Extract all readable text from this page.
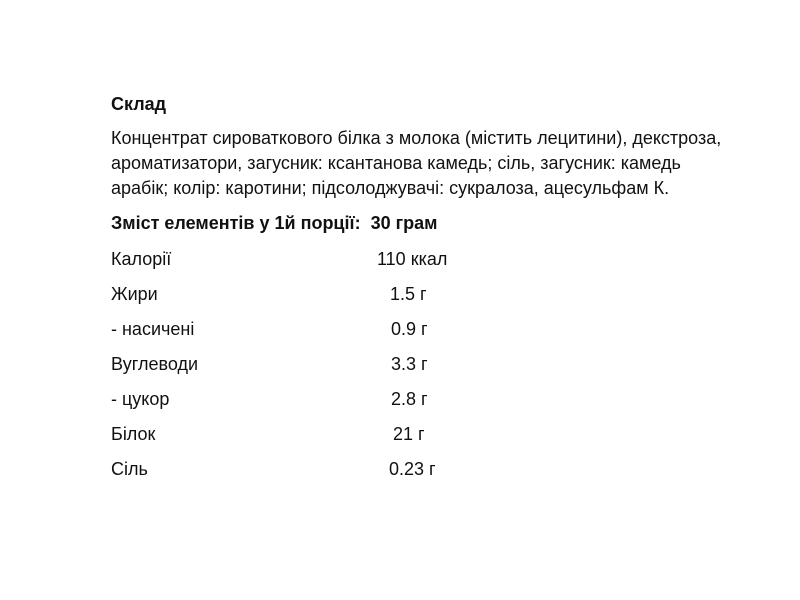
Склад
Концентрат сироваткового білка з молока (містить лецитини), декстроза, ароматизатори, загусник: ксантанова камедь; сіль, загусник: камедь арабік; колір: каротини; підсолоджувачі: сукралоза, ацесульфам К.
Зміст елементів у 1й порції: 30 грам
Калорії	110 ккал
Жири	1.5 г
- насичені	0.9 г
Вуглеводи	3.3 г
- цукор	2.8 г
Білок	21 г
Сіль	0.23 г
